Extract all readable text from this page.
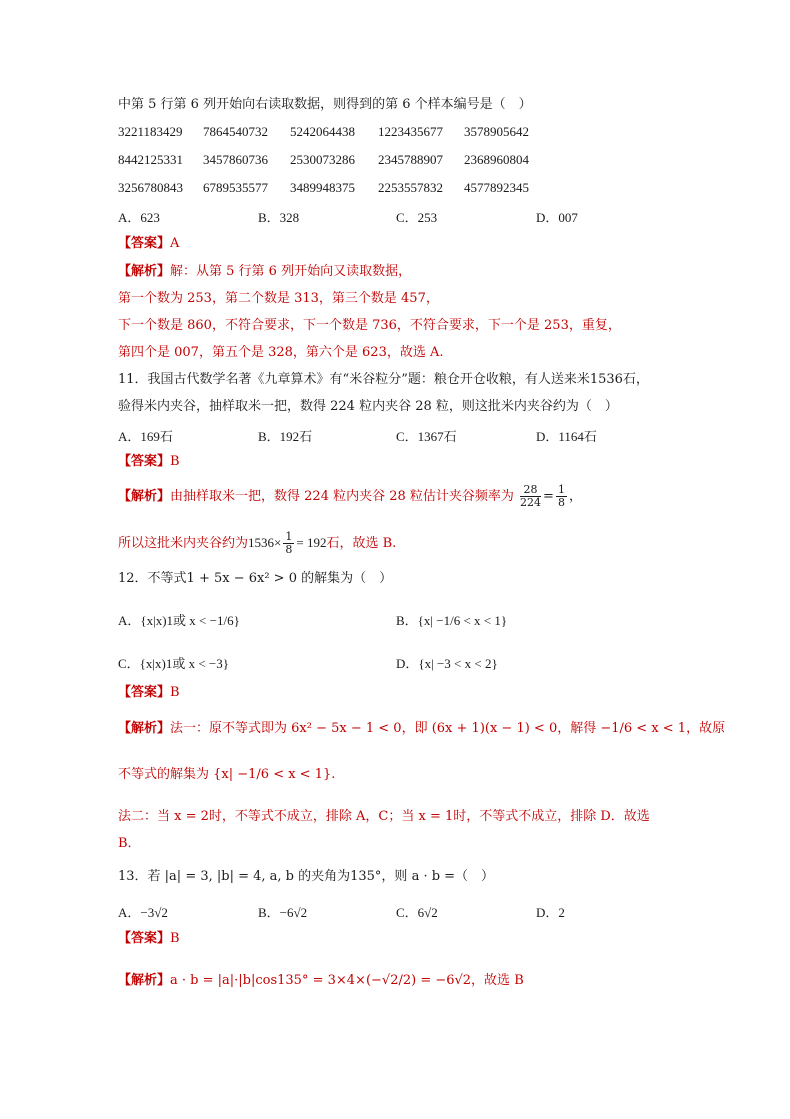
中第 5 行第 6 列开始向右读取数据，则得到的第 6 个样本编号是（　）
3221183429 7864540732 5242064438 1223435677 3578905642
8442125331 3457860736 2530073286 2345788907 2368960804
3256780843 6789535577 3489948375 2253557832 4577892345
A．623	B．328	C．253	D．007
【答案】A
【解析】解：从第 5 行第 6 列开始向又读取数据，
第一个数为 253，第二个数是 313，第三个数是 457，
下一个数是 860，不符合要求，下一个数是 736，不符合要求，下一个是 253，重复，
第四个是 007，第五个是 328，第六个是 623，故选 A.
11．我国古代数学名著《九章算术》有“米谷粒分”题：粮仓开仓收粮，有人送来米1536石，
验得米内夹谷，抽样取米一把，数得 224 粒内夹谷 28 粒，则这批米内夹谷约为（　）
A．169石	B．192石	C．1367石	D．1164石
【答案】B
【解析】由抽样取米一把，数得 224 粒内夹谷 28 粒估计夹谷频率为 $\frac{28}{224} = \frac{1}{8}$ ，
所以这批米内夹谷约为$1536\times \frac{1}{8} = 192$石，故选 B.
12．不等式1 + 5x − 6x² > 0 的解集为（　）
A．{x|x)1或 x < −1/6}	B．{x| −1/6 < x < 1}
C．{x|x)1或 x < −3}	D．{x| −3 < x < 2}
【答案】B
【解析】法一：原不等式即为 6x² − 5x − 1 < 0，即 (6x + 1)(x − 1) < 0，解得 −1/6 < x < 1，故原
不等式的解集为 {x| −1/6 < x < 1}.
法二：当 x = 2时，不等式不成立，排除 A，C；当 x = 1时，不等式不成立，排除 D．故选
B．
13．若 |a| = 3, |b| = 4, a, b 的夹角为135°，则 a · b =（　）
A．−3√2	B．−6√2	C．6√2	D．2
【答案】B
【解析】a · b = |a|·|b|cos135° = 3×4×(−√2/2) = −6√2，故选 B
